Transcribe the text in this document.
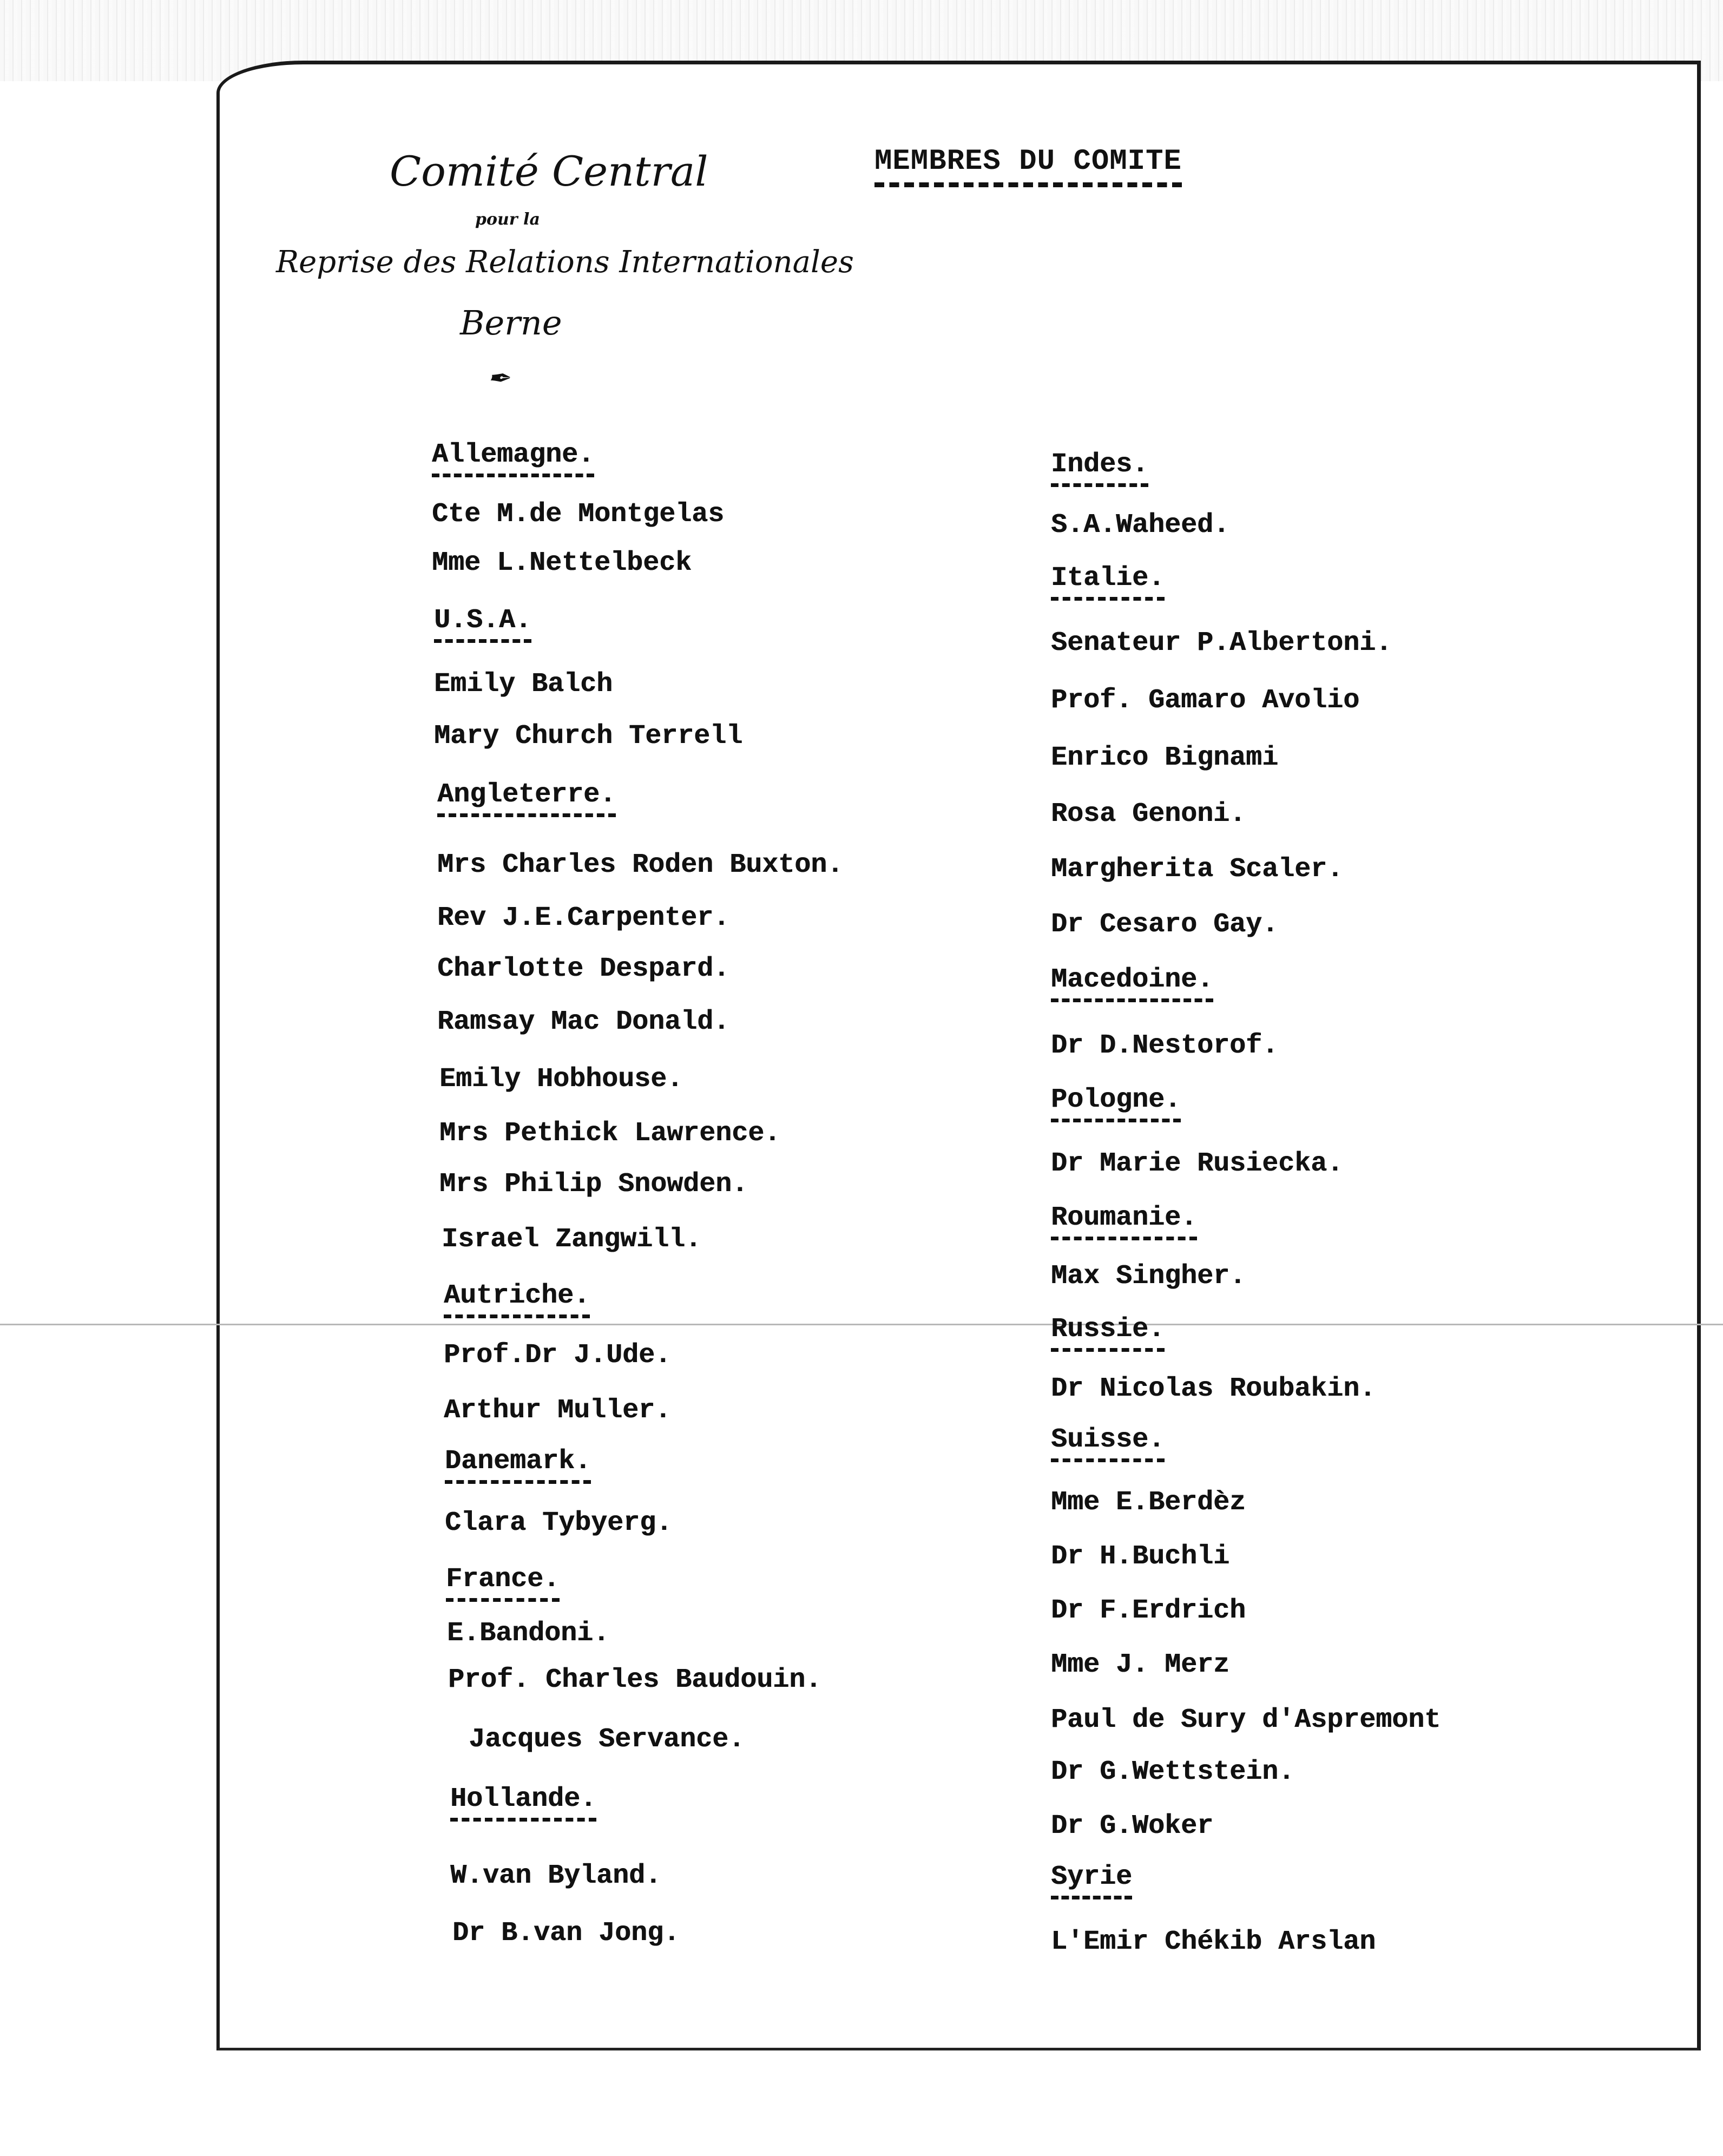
Comité Central
pour la
Reprise des Relations Internationales
Berne
✒
MEMBRES DU COMITE
Allemagne.
Cte M.de Montgelas
Mme L.Nettelbeck
U.S.A.
Emily Balch
Mary Church Terrell
Angleterre.
Mrs Charles Roden Buxton.
Rev J.E.Carpenter.
Charlotte Despard.
Ramsay Mac Donald.
Emily Hobhouse.
Mrs Pethick Lawrence.
Mrs Philip Snowden.
Israel Zangwill.
Autriche.
Prof.Dr J.Ude.
Arthur Muller.
Danemark.
Clara Tybyerg.
France.
E.Bandoni.
Prof. Charles Baudouin.
Jacques Servance.
Hollande.
W.van Byland.
Dr B.van Jong.
Indes.
S.A.Waheed.
Italie.
Senateur P.Albertoni.
Prof. Gamaro Avolio
Enrico Bignami
Rosa Genoni.
Margherita Scaler.
Dr Cesaro Gay.
Macedoine.
Dr D.Nestorof.
Pologne.
Dr Marie Rusiecka.
Roumanie.
Max Singher.
Russie.
Dr Nicolas Roubakin.
Suisse.
Mme E.Berdèz
Dr H.Buchli
Dr F.Erdrich
Mme J. Merz
Paul de Sury d'Aspremont
Dr G.Wettstein.
Dr G.Woker
Syrie
L'Emir Chékib Arslan
